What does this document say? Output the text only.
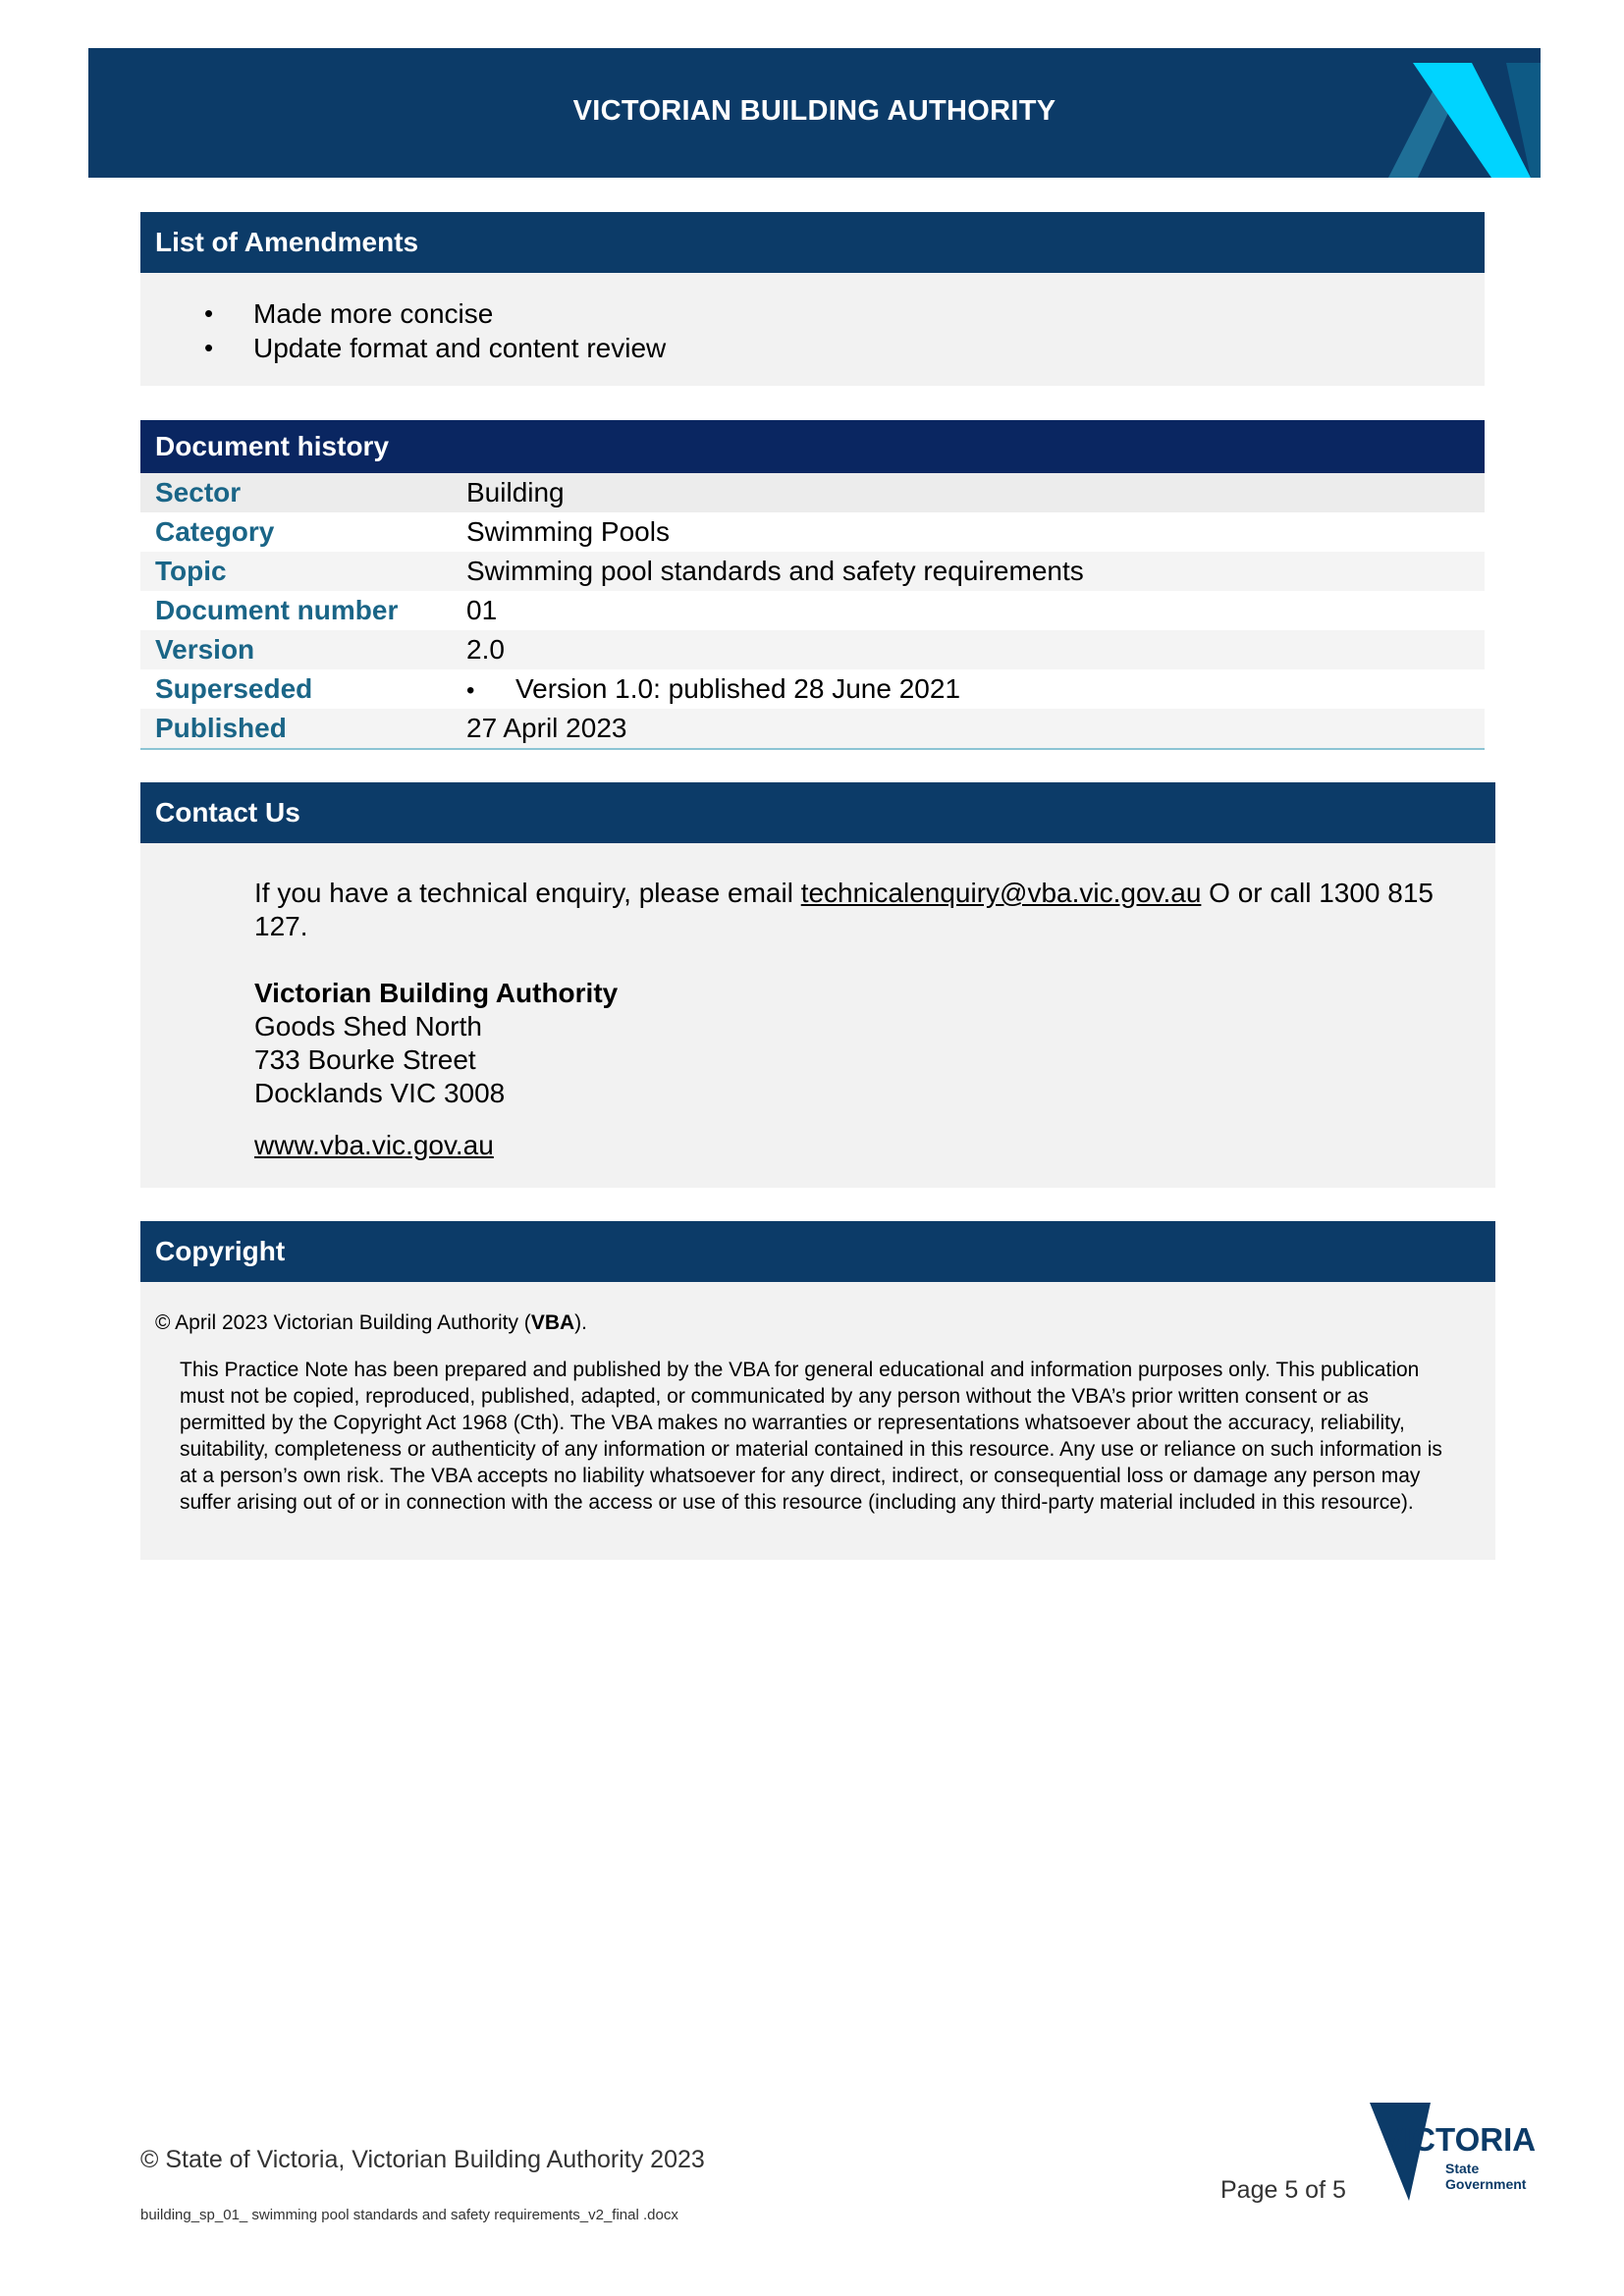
VICTORIAN BUILDING AUTHORITY
List of Amendments
• Made more concise
• Update format and content review
Document history
Sector	Building
Category	Swimming Pools
Topic	Swimming pool standards and safety requirements
Document number 01
Version	2.0
Superseded	• Version 1.0: published 28 June 2021
Published	27 April 2023
Contact Us
If you have a technical enquiry, please email technicalenquiry@vba.vic.gov.au O or call 1300 815
127.
Victorian Building Authority
Goods Shed North
733 Bourke Street
Docklands VIC 3008
www.vba.vic.gov.au
Copyright
© April 2023 Victorian Building Authority (VBA).
This Practice Note has been prepared and published by the VBA for general educational and information purposes only. This publication must not be copied, reproduced, published, adapted, or communicated by any person without the VBA’s prior written consent or as permitted by the Copyright Act 1968 (Cth). The VBA makes no warranties or representations whatsoever about the accuracy, reliability, suitability, completeness or authenticity of any information or material contained in this resource. Any use or reliance on such information is at a person’s own risk. The VBA accepts no liability whatsoever for any direct, indirect, or consequential loss or damage any person may suffer arising out of or in connection with the access or use of this resource (including any third-party material included in this resource).
© State of Victoria, Victorian Building Authority 2023
building_sp_01_ swimming pool standards and safety requirements_v2_final .docx
Page 5 of 5
VICTORIA
State
Government
